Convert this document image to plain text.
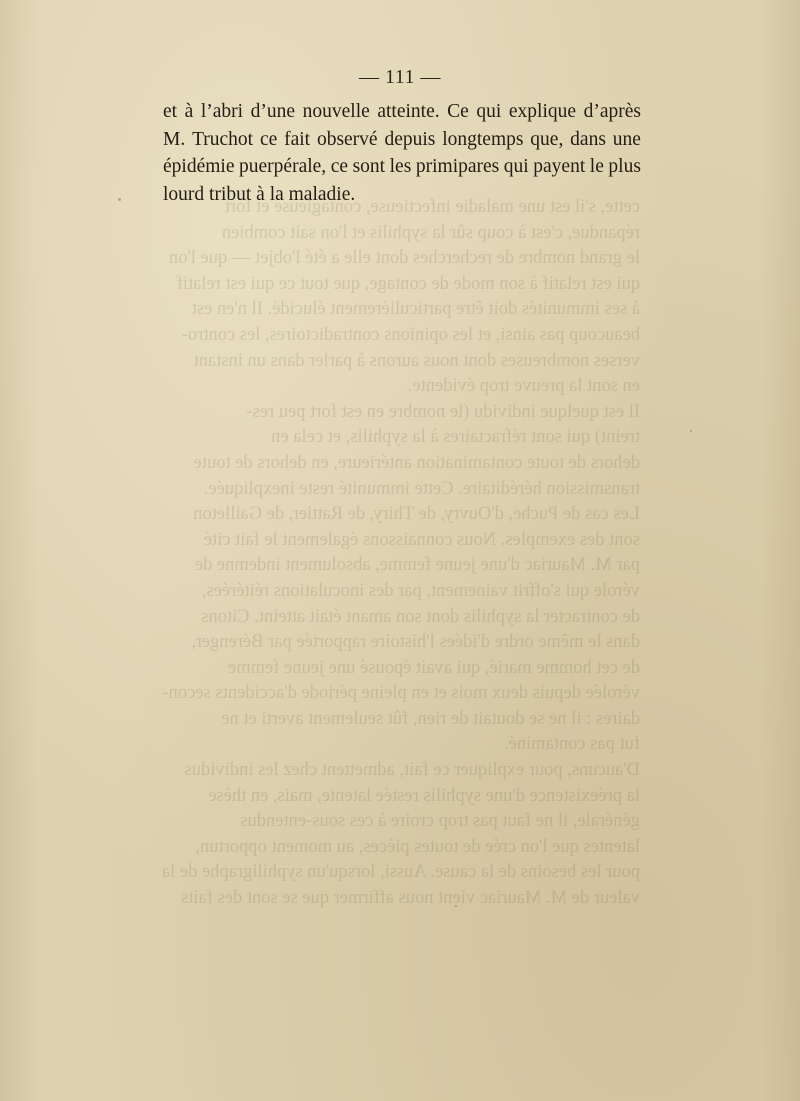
cette, s'il est une maladie infectieuse, contagieuse et fort
répandue, c'est à coup sûr la syphilis et l'on sait combien
le grand nombre de recherches dont elle a été l'objet — que l'on
qui est relatif à son mode de contage, que tout ce qui est relatif
à ses immunités doit être particulièrement élucidé. Il n'en est
beaucoup pas ainsi, et les opinions contradictoires, les contro-
verses nombreuses dont nous aurons à parler dans un instant
en sont la preuve trop évidente.
Il est quelque individu (le nombre en est fort peu res-
treint) qui sont réfractaires à la syphilis, et cela en
dehors de toute contamination antérieure, en dehors de toute
transmission héréditaire. Cette immunité reste inexpliquée.
Les cas de Puche, d'Ouvry, de Thiry, de Rattier, de Gailleton
sont des exemples. Nous connaissons également le fait cité
par M. Mauriac d'une jeune femme, absolument indemne de
vérole qui s'offrit vainement, par des inoculations réitérées,
de contracter la syphilis dont son amant était atteint. Citons
dans le même ordre d'idées l'histoire rapportée par Bérenger,
de cet homme marié, qui avait épousé une jeune femme
vérolée depuis deux mois et en pleine période d'accidents secon-
daires : il ne se doutait de rien, fût seulement averti et ne
fut pas contaminé.
D'aucuns, pour expliquer ce fait, admettent chez les individus
la préexistence d'une syphilis restée latente, mais, en thèse
générale, il ne faut pas trop croire à ces sous-entendus
latentes que l'on crée de toutes pièces, au moment opportun,
pour les besoins de la cause. Aussi, lorsqu'un syphiligraphe de la
valeur de M. Mauriac vient nous affirmer que se sont des faits
— 111 —
et à l’abri d’une nouvelle atteinte. Ce qui explique d’après
M. Truchot ce fait observé depuis longtemps que, dans une
épidémie puerpérale, ce sont les primipares qui payent le plus
lourd tribut à la maladie.
